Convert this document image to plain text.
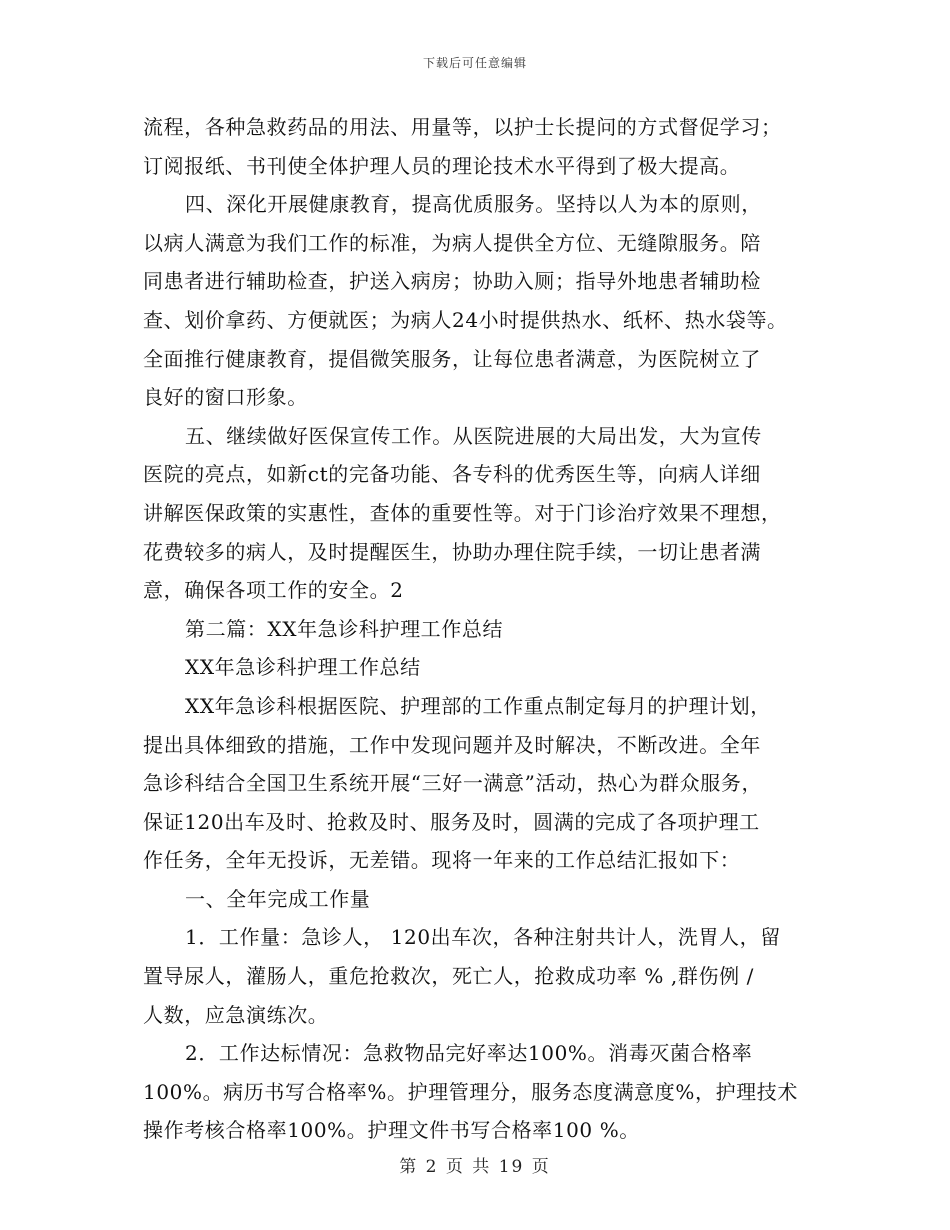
下载后可任意编辑
流程，各种急救药品的用法、用量等，以护士长提问的方式督促学习；
订阅报纸、书刊使全体护理人员的理论技术水平得到了极大提高。
四、深化开展健康教育，提高优质服务。坚持以人为本的原则，
以病人满意为我们工作的标准，为病人提供全方位、无缝隙服务。陪
同患者进行辅助检查，护送入病房；协助入厕；指导外地患者辅助检
查、划价拿药、方便就医；为病人24小时提供热水、纸杯、热水袋等。
全面推行健康教育，提倡微笑服务，让每位患者满意，为医院树立了
良好的窗口形象。
五、继续做好医保宣传工作。从医院进展的大局出发，大为宣传
医院的亮点，如新ct的完备功能、各专科的优秀医生等，向病人详细
讲解医保政策的实惠性，查体的重要性等。对于门诊治疗效果不理想，
花费较多的病人，及时提醒医生，协助办理住院手续，一切让患者满
意，确保各项工作的安全。2
第二篇：XX年急诊科护理工作总结
XX年急诊科护理工作总结
XX年急诊科根据医院、护理部的工作重点制定每月的护理计划，
提出具体细致的措施，工作中发现问题并及时解决，不断改进。全年
急诊科结合全国卫生系统开展“三好一满意”活动，热心为群众服务，
保证120出车及时、抢救及时、服务及时，圆满的完成了各项护理工
作任务，全年无投诉，无差错。现将一年来的工作总结汇报如下：
一、全年完成工作量
1．工作量：急诊人， 120出车次，各种注射共计人，洗胃人，留
置导尿人，灌肠人，重危抢救次，死亡人，抢救成功率 % ,群伤例 /
人数，应急演练次。
2．工作达标情况：急救物品完好率达100%。消毒灭菌合格率
100%。病历书写合格率%。护理管理分，服务态度满意度%，护理技术
操作考核合格率100%。护理文件书写合格率100 %。
第 2 页 共 19 页
